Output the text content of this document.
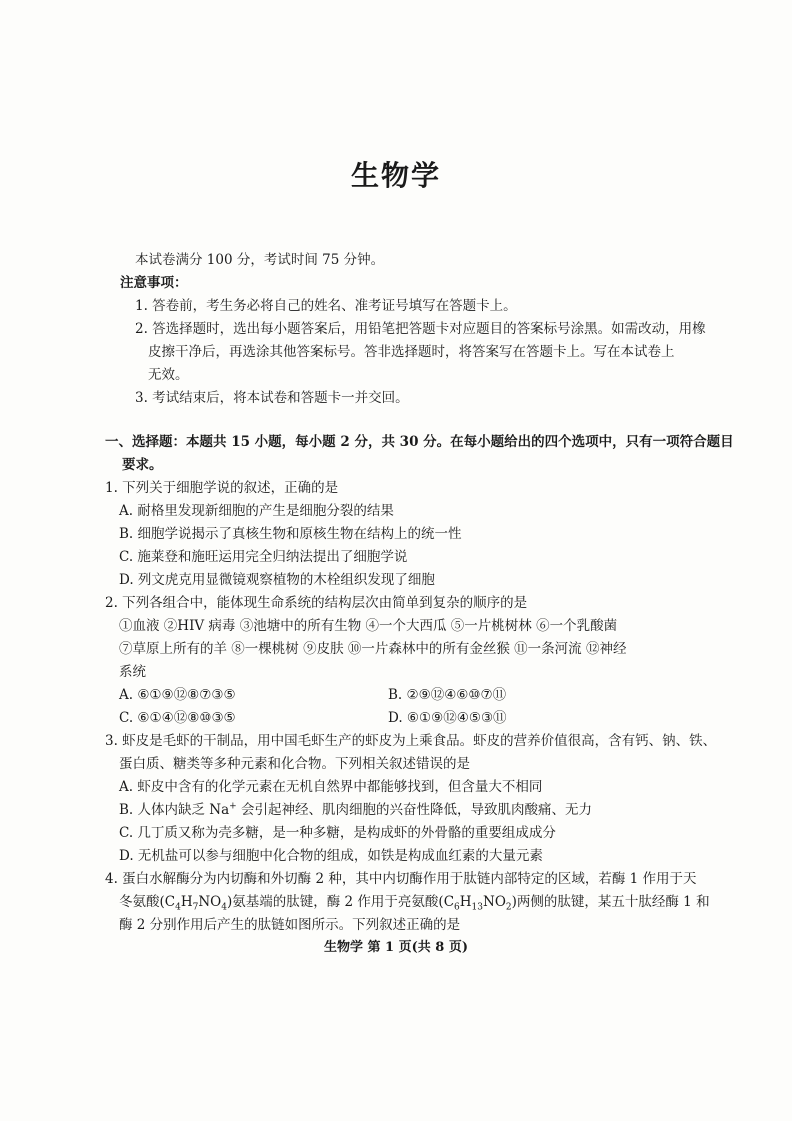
生物学
本试卷满分 100 分，考试时间 75 分钟。
注意事项：
1. 答卷前，考生务必将自己的姓名、准考证号填写在答题卡上。
2. 答选择题时，选出每小题答案后，用铅笔把答题卡对应题目的答案标号涂黑。如需改动，用橡
皮擦干净后，再选涂其他答案标号。答非选择题时，将答案写在答题卡上。写在本试卷上
无效。
3. 考试结束后，将本试卷和答题卡一并交回。
一、选择题：本题共 15 小题，每小题 2 分，共 30 分。在每小题给出的四个选项中，只有一项符合题目
要求。
1. 下列关于细胞学说的叙述，正确的是
A. 耐格里发现新细胞的产生是细胞分裂的结果
B. 细胞学说揭示了真核生物和原核生物在结构上的统一性
C. 施莱登和施旺运用完全归纳法提出了细胞学说
D. 列文虎克用显微镜观察植物的木栓组织发现了细胞
2. 下列各组合中，能体现生命系统的结构层次由简单到复杂的顺序的是
①血液 ②HIV 病毒 ③池塘中的所有生物 ④一个大西瓜 ⑤一片桃树林 ⑥一个乳酸菌
⑦草原上所有的羊 ⑧一棵桃树 ⑨皮肤 ⑩一片森林中的所有金丝猴 ⑪一条河流 ⑫神经
系统
A. ⑥①⑨⑫⑧⑦③⑤	B. ②⑨⑫④⑥⑩⑦⑪
C. ⑥①④⑫⑧⑩③⑤	D. ⑥①⑨⑫④⑤③⑪
3. 虾皮是毛虾的干制品，用中国毛虾生产的虾皮为上乘食品。虾皮的营养价值很高，含有钙、钠、铁、
蛋白质、糖类等多种元素和化合物。下列相关叙述错误的是
A. 虾皮中含有的化学元素在无机自然界中都能够找到，但含量大不相同
B. 人体内缺乏 Na+ 会引起神经、肌肉细胞的兴奋性降低，导致肌肉酸痛、无力
C. 几丁质又称为壳多糖，是一种多糖，是构成虾的外骨骼的重要组成成分
D. 无机盐可以参与细胞中化合物的组成，如铁是构成血红素的大量元素
4. 蛋白水解酶分为内切酶和外切酶 2 种，其中内切酶作用于肽链内部特定的区域，若酶 1 作用于天
冬氨酸$(C_4H_7NO_4)$氨基端的肽键，酶 2 作用于亮氨酸$(C_6H_{13}NO_2)$两侧的肽键，某五十肽经酶 1 和
酶 2 分别作用后产生的肽链如图所示。下列叙述正确的是
生物学 第 1 页(共 8 页)
